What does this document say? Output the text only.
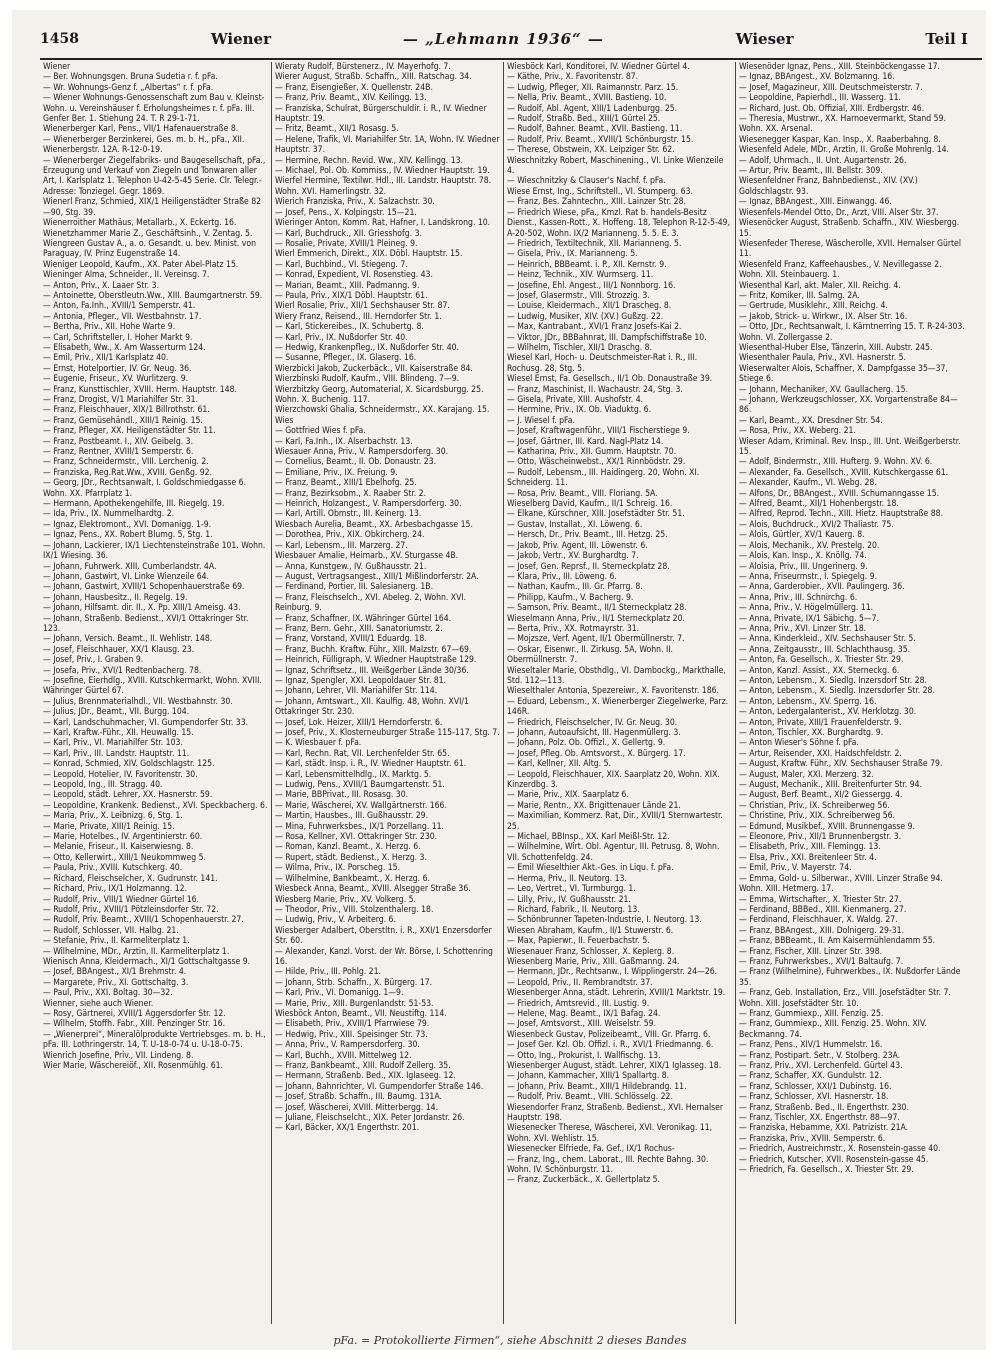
1458	Wiener	— „Lehmann 1936“ —	Wieser	Teil I
Wiener
— Ber. Wohnungsgen. Bruna Sudetia r. f. pFa.
— Wr. Wohnungs-Genz f. „Albertas“ r. f. pFa.
— Wiener Wohnungs-Genossenschaft zum Bau v. Kleinst-Wohn. u. Vereinshäuser f. Erholungsheimes r. f. pFa. III. Genfer Ber. 1. Stiehung 24. T. R 29-1-71.
Wienerberger Karl, Pens., VII/1 Hafenauerstraße 8.
— Wienerberger Berzinkerei, Ges. m. b. H., pFa., XII. Wienerbergstr. 12A. R-12-0-19.
— Wienerberger Ziegelfabriks- und Baugesellschaft, pFa., Erzeugung und Verkauf von Ziegeln und Tonwaren aller Art, I. Karlsplatz 1. Telephon U-42-5-45 Serie. Clr. Telegr.-Adresse: Tonziegel. Gegr. 1869.
Wienerl Franz, Schmied, XIX/1 Heiligenstädter Straße 82—90, Stg. 39.
Wienerroither Mathäus, Metallarb., X. Eckertg. 16.
Wienetzhammer Marie Z., Geschäftsinh., V. Zentag. 5.
Wiengreen Gustav A., a. o. Gesandt. u. bev. Minist. von Paraguay, IV. Prinz Eugenstraße 14.
Wieniger Leopold, Kaufm., XX. Pater Abel-Platz 15.
Wieninger Alma, Schneider., II. Vereinsg. 7.
— Anton, Priv., X. Laaer Str. 3.
— Antoinette, Oberstleutn.Ww., XIII. Baumgartnerstr. 59.
— Anton, Fa.Inh., XVIII/1 Semperstr. 41.
— Antonia, Pfleger., VII. Westbahnstr. 17.
— Bertha, Priv., XII. Hohe Warte 9.
— Carl, Schriftsteller, I. Hoher Markt 9.
— Elisabeth, Ww., X. Am Wasserturm 124.
— Emil, Priv., XII/1 Karlsplatz 40.
— Ernst, Hotelportier, IV. Gr. Neug. 36.
— Eugenie, Friseur., XV. Wurlitzerg. 9.
— Franz, Kunsttischler, XVIII. Herm. Hauptstr. 148.
— Franz, Drogist, V/1 Mariahilfer Str. 31.
— Franz, Fleischhauer, XIX/1 Billrothstr. 61.
— Franz, Gemüsehändl., XIII/1 Reinig. 15.
— Franz, Pfleger, XX. Heiligenstädter Str. 11.
— Franz, Postbeamt. I., XIV. Geibelg. 3.
— Franz, Rentner, XVIII/1 Semperstr. 6.
— Franz, Schneidermstr., VIII. Lerchenig. 2.
— Franziska, Reg.Rat.Ww., XVIII. Genßg. 92.
— Georg, JDr., Rechtsanwalt, I. Goldschmiedgasse 6. Wohn. XX. Pfarrplatz 1.
— Hermann, Apothekengehilfe, III. Riegelg. 19.
— Ida, Priv., IX. Nummelhardtg. 2.
— Ignaz, Elektromont., XVI. Domanigg. 1-9.
— Ignaz, Pens., XX. Robert Blumg. 5, Stg. 1.
— Johann, Lackierer, IX/1 Liechtensteinstraße 101. Wohn. IX/1 Wiesing. 36.
— Johann, Fuhrwerk. XIII. Cumberlandstr. 4A.
— Johann, Gastwirt, VI. Linke Wienzeile 64.
— Johann, Gastwirt, XVIII/1 Schopenhauerstraße 69.
— Johann, Hausbesitz., II. Regelg. 19.
— Johann, Hilfsamt. dir. II., X. Pp. XIII/1 Ameisg. 43.
— Johann, Straßenb. Bedienst., XVI/1 Ottakringer Str. 123.
— Johann, Versich. Beamt., II. Wehlistr. 148.
— Josef, Fleischhauer, XX/1 Klausg. 23.
— Josef, Priv., I. Graben 9.
— Josefa, Priv., XVI/1 Redtenbacherg. 78.
— Josefine, Eierhdlg., XVIII. Kutschkermarkt, Wohn. XVIII. Währinger Gürtel 67.
— Julius, Brennmaterialhdl., VII. Westbahnstr. 30.
— Julius, JDr., Beamt., VII. Burgg. 104.
— Karl, Landschuhmacher, VI. Gumpendorfer Str. 33.
— Karl, Kraftw.-Führ., XII. Heuwallg. 15.
— Karl, Priv., VI. Mariahilfer Str. 103.
— Karl, Priv., III. Landstr. Hauptstr. 11.
— Konrad, Schmied, XIV. Goldschlagstr. 125.
— Leopold, Hotelier, IV. Favoritenstr. 30.
— Leopold, Ing., III. Stragg. 40.
— Leopold, städt. Lehrer, XX. Hasnerstr. 59.
— Leopoldine, Krankenk. Bedienst., XVI. Speckbacherg. 6.
— Maria, Priv., X. Leibnizg. 6, Stg. 1.
— Marie, Private, XIII/1 Reinig. 15.
— Marie, Hotelbes., IV. Argentinierstr. 60.
— Melanie, Friseur., II. Kaiserwiesng. 8.
— Otto, Kellerwirt., XIII/1 Neukommweg 5.
— Paula, Priv., XVIII. Kutschkerg. 40.
— Richard, Fleischselcher, X. Gudrunstr. 141.
— Richard, Priv., IX/1 Holzmanng. 12.
— Rudolf, Priv., VIII/1 Wiedner Gürtel 16.
— Rudolf, Priv., XVIII/1 Pötzleinsdorfer Str. 72.
— Rudolf, Priv. Beamt., XVIII/1 Schopenhauerstr. 27.
— Rudolf, Schlosser, VII. Halbg. 21.
— Stefanie, Priv., II. Karmeliterplatz 1.
— Wilhelmine, MDr., Arztin, II. Karmeliterplatz 1.
Wienisch Anna, Kleidermach., XI/1 Gottschaltgasse 9.
— Josef, BBAngest., XI/1 Brehmstr. 4.
— Margarete, Priv., XI. Gottschaltg. 3.
— Paul, Priv., XXI. Boltag. 30—32.
Wienner, siehe auch Wiener.
— Rosy, Gärtnerei, XVIII/1 Aggersdorfer Str. 12.
— Wilhelm, Stoffh. Fabr., XIII. Penzinger Str. 16.
— „Wienerprei“, Mineralölprodukte Vertriebsges. m. b. H., pFa. III. Lothringerstr. 14, T. U-18-0-74 u. U-18-0-75.
Wienrich Josefine, Priv., VII. Lindeng. 8.
Wier Marie, Wäschereiöf., XII. Rosenmühlg. 61.
Wieraty Rudolf, Bürstenerz., IV. Mayerhofg. 7.
Wierer August, Straßb. Schaffn., XIII. Ratschag. 34.
— Franz, Eisengießer, X. Quellenstr. 24B.
— Franz, Priv. Beamt., XIV. Keilingg. 13.
— Franziska, Schulrat, Bürgerschuldir. i. R., IV. Wiedner Hauptstr. 19.
— Fritz, Beamt., XII/1 Rosasg. 5.
— Helene, Trafik, VI. Mariahilfer Str. 1A, Wohn. IV. Wiedner Hauptstr. 37.
— Hermine, Rechn. Revid. Ww., XIV. Kellingg. 13.
— Michael, Pol. Ob. Kommiss., IV. Wiedner Hauptstr. 19.
Wierfel Hermine, Textilwr. Hdl., III. Landstr. Hauptstr. 78. Wohn. XVI. Hamerlingstr. 32.
Wierich Franziska, Priv., X. Salzachstr. 30.
— Josef, Pens., X. Kolpingstr. 15—21.
Wieringer Anton, Komm. Rat, Hafner, I. Landskrong. 10.
— Karl, Buchdruck., XII. Griesshofg. 3.
— Rosalie, Private, XVIII/1 Pleineg. 9.
Wierl Emmerich, Direkt., XIX. Döbl. Hauptstr. 15.
— Karl, Buchbind., VI. Stiegeng. 7.
— Konrad, Expedient, VI. Rosenstieg. 43.
— Marian, Beamt., XIII. Padmanng. 9.
— Paula, Priv., XIX/1 Döbl. Hauptstr. 61.
Wierl Rosalie, Priv., XII/1 Sechshauser Str. 87.
Wiery Franz, Reisend., III. Herndorfer Str. 1.
— Karl, Stickereibes., IX. Schubertg. 8.
— Karl, Priv., IX. Nußdorfer Str. 40.
— Hedwig, Krankenpfleg., IX. Nußdorfer Str. 40.
— Susanne, Pfleger., IX. Glaserg. 16.
Wierzbicki Jakob, Zuckerbäck., VII. Kaiserstraße 84.
Wierzbinski Rudolf, Kaufm., VIII. Blindeng. 7—9.
Wierzbitzky Georg, Automaterial, X. Sicardsburgg. 25. Wohn. X. Buchenig. 117.
Wierzchowski Ghalia, Schneidermstr., XX. Karajang. 15.
Wies
— Gottfried Wies f. pFa.
— Karl, Fa.Inh., IX. Alserbachstr. 13.
Wiesauer Anna, Priv., V. Rampersdorferg. 30.
— Cornelius, Beamt., II. Ob. Donaustr. 23.
— Emiliane, Priv., IX. Freiung. 9.
— Franz, Beamt., XIII/1 Ebelhofg. 25.
— Franz, Bezirksobm., X. Raaber Str. 2.
— Heinrich, Holzangest., V. Rampersdorferg. 30.
— Karl, Artill. Obmstr., III. Keinerg. 13.
Wiesbach Aurelia, Beamt., XX. Arbesbachgasse 15.
— Dorothea, Priv., XIX. Obkircherg. 24.
— Karl, Lebensm., III. Marzerg. 27.
Wiesbauer Amalie, Heimarb., XV. Sturgasse 4B.
— Anna, Kunstgew., IV. Gußhausstr. 21.
— August, Vertragsangest., XIII/1 Mißlindorferstr. 2A.
— Ferdinand, Portier, III. Salesianerg. 1B.
— Franz, Fleischselch., XVI. Abeleg. 2, Wohn. XVI. Reinburg. 9.
— Franz, Schaffner, IX. Währinger Gürtel 164.
— Franz, Bern. Gehr., XIII. Sanatoriumstr. 2.
— Franz, Vorstand, XVIII/1 Eduardg. 18.
— Franz, Buchh. Kraftw. Führ., XIII. Malzstr. 67—69.
— Heinrich, Fülligraph, V. Wiedner Hauptstraße 129.
— Ignaz, Schriftsetz., III. Weißgerber Lände 30/36.
— Ignaz, Spengler, XXI. Leopoldauer Str. 81.
— Johann, Lehrer, VII. Mariahilfer Str. 114.
— Johann, Amtswart., XII. Kaulfig. 48, Wohn. XVI/1 Ottakringer Str. 230.
— Josef, Lok. Heizer, XIII/1 Herndorferstr. 6.
— Josef, Priv., X. Klosterneuburger Straße 115-117, Stg. 7.
— K. Wiesbauer f. pFa.
— Karl, Rechn. Rat, VII. Lerchenfelder Str. 65.
— Karl, städt. Insp. i. R., IV. Wiedner Hauptstr. 61.
— Karl, Lebensmittelhdlg., IX. Marktg. 5.
— Ludwig, Pens., XVIII/1 Baumgartenstr. 51.
— Marie, BBPrivat., III. Rosasg. 30.
— Marie, Wäscherei, XV. Wallgärtnerstr. 166.
— Martin, Hausbes., III. Gußhausstr. 29.
— Mina, Fuhrwerksbes., IX/1 Porzellang. 11.
— Rosa, Kellner, XVI. Ottakringer Str. 230.
— Roman, Kanzl. Beamt., X. Herzg. 6.
— Rupert, städt. Bedienst., X. Herzg. 3.
— Wilma, Priv., IX. Porscheg. 15.
— Wilhelmine, Bankbeamt., X. Herzg. 6.
Wiesbeck Anna, Beamt., XVIII. Alsegger Straße 36.
Wiesberg Marie, Priv., XV. Volkerg. 5.
— Theodor, Priv., VIII. Stolzenthalerg. 18.
— Ludwig, Priv., V. Arbeiterg. 6.
Wiesberger Adalbert, Oberstltn. i. R., XXI/1 Enzersdorfer Str. 60.
— Alexander, Kanzl. Vorst. der Wr. Börse, I. Schottenring 16.
— Hilde, Priv., III. Pohlg. 21.
— Johann, Strb. Schaffn., X. Bürgerg. 17.
— Karl, Priv., VI. Domanigg. 1—9.
— Marie, Priv., XIII. Burgenlandstr. 51-53.
Wiesböck Anton, Beamt., VII. Neustiftg. 114.
— Elisabeth, Priv., XVIII/1 Pfarrwiese 79.
— Hedwig, Priv., XIII. Speisinger Str. 73.
— Anna, Priv., V. Rampersdorferg. 30.
— Karl, Buchh., XVIII. Mittelweg 12.
— Franz, Bankbeamt., XIII. Rudolf Zellerg. 35.
— Hermann, Straßenb. Bed., XIX. Iglaseeg. 12.
— Johann, Bahnrichter, VI. Gumpendorfer Straße 146.
— Josef, Straßb. Schaffn., III. Baumg. 131A.
— Josef, Wäscherei, XVIII. Mitterbergg. 14.
— Juliane, Fleischselcht., XIX. Peter Jordanstr. 26.
— Karl, Bäcker, XX/1 Engerthstr. 201.
Wiesböck Karl, Konditorei, IV. Wiedner Gürtel 4.
— Käthe, Priv., X. Favoritenstr. 87.
— Ludwig, Pfleger, XII. Raimannstr. Parz. 15.
— Nella, Priv. Beamt., XVIII. Bastieng. 10.
— Rudolf, Abl. Agent, XIII/1 Ladenburgg. 25.
— Rudolf, Straßb. Bed., XIII/1 Gürtel 25.
— Rudolf, Bahner. Beamt., XVII. Bastieng. 11.
— Rudolf, Priv. Beamt., XVIII/1 Schönburgstr. 15.
— Therese, Obstwein, XX. Leipziger Str. 62.
Wieschnitzky Robert, Maschinening., VI. Linke Wienzeile 4.
— Wieschnitzky & Clauser's Nachf. f. pFa.
Wiese Ernst, Ing., Schriftstell., VI. Stumperg. 63.
— Franz, Bes. Zahntechn., XIII. Lainzer Str. 28.
— Friedrich Wiese, pFa., Kmzl. Rat b. handels-Besitz Dienst., Kassen-Rott., X. Hoffeng. 18, Telephon R-12-5-49, A-20-502, Wohn. IX/2 Marianneng. 5. 5. E. 3.
— Friedrich, Textiltechnik, XII. Marianneng. 5.
— Gisela, Priv., IX. Marianneng. 5.
— Heinrich, BBBeamt. i. P., XII. Kernstr. 9.
— Heinz, Technik., XIV. Wurmserg. 11.
— Josefine, Ehl. Angest., III/1 Nonnborg. 16.
— Josef, Glasermstr., VIII. Strozzig. 3.
— Louise, Kleidermach., XII/1 Drascheg. 8.
— Ludwig, Musiker, XIV. (XV.) Gußzg. 22.
— Max, Kantrabant., XVI/1 Franz Josefs-Kai 2.
— Viktor, JDr., BBBahnrat, III. Dampfschiffstraße 10.
— Wilhelm, Tischler, XII/1 Draschg. 8.
Wiesel Karl, Hoch- u. Deutschmeister-Rat i. R., III. Rochusg. 28, Stg. 5.
Wiesel Ernst, Fa. Gesellsch., II/1 Ob. Donaustraße 39.
— Franz, Maschinist, II. Wachaustr. 24, Stg. 3.
— Gisela, Private, XIII. Aushofstr. 4.
— Hermine, Priv., IX. Ob. Viaduktg. 6.
— J. Wiesel f. pFa.
— Josef, Kraftwagenführ., VIII/1 Fischerstiege 9.
— Josef, Gärtner, III. Kard. Nagl-Platz 14.
— Katharina, Priv., XII. Gumm. Hauptstr. 70.
— Otto, Wäscheinwebst., XX/1 Rinnbödstr. 29.
— Rudolf, Lebensm., III. Haidingerg. 20, Wohn. XI. Schneiderg. 11.
— Rosa, Priv. Beamt., VIII. Floriang. 5A.
Wieselberg David, Kaufm., II/1 Schreig. 16.
— Elkane, Kürschner, XIII. Josefstädter Str. 51.
— Gustav, Installat., XI. Löweng. 6.
— Hersch, Dr., Priv. Beamt., III. Hetzg. 25.
— Jakob, Priv. Agent, III. Löwenstr. 6.
— Jakob, Vertr., XV. Burghardtg. 7.
— Josef, Gen. Reprsf., II. Sterneckplatz 28.
— Klara, Priv., III. Löweng. 6.
— Nathan, Kaufm., III. Gr. Pfarrg. 8.
— Philipp, Kaufm., V. Bacherg. 9.
— Samson, Priv. Beamt., II/1 Sterneckplatz 28.
Wieselmann Anna, Priv., II/1 Sterneckplatz 20.
— Berta, Priv., XX. Rotmayrstr. 31.
— Mojzsze, Verf. Agent, II/1 Obermüllnerstr. 7.
— Oskar, Eisenwr., II. Zirkusg. 5A, Wohn. II. Obermüllnerstr. 7.
Wieseltaler Marie, Obsthdlg., VI. Dambockg., Markthalle, Std. 112—113.
Wieselthaler Antonia, Spezereiwr., X. Favoritenstr. 186.
— Eduard, Lebensm., X. Wienerberger Ziegelwerke, Parz. 146R.
— Friedrich, Fleischselcher, IV. Gr. Neug. 30.
— Johann, Autoaufsicht, III. Hagenmüllerg. 3.
— Johann, Polz. Ob. Offizl., X. Gellertg. 9.
— Josef, Pfleg. Ob. Amtsvorst., X. Bürgerg. 17.
— Karl, Kellner, XII. Altg. 5.
— Leopold, Fleischhauer, XIX. Saarplatz 20, Wohn. XIX. Kinzerdbg. 3.
— Marie, Priv., XIX. Saarplatz 6.
— Marie, Rentn., XX. Brigittenauer Lände 21.
— Maximilian, Kommerz. Rat, Dir., XVIII/1 Sternwartestr. 25.
— Michael, BBInsp., XX. Karl Meißl-Str. 12.
— Wilhelmine, Wirt. Obl. Agentur, III. Petrusg. 8, Wohn. VII. Schottenfeldg. 24.
— Emil Wieselthier Akt.-Ges. in Liqu. f. pFa.
— Herma, Priv., II. Neutorg. 13.
— Leo, Vertret., VI. Turmburgg. 1.
— Lilly, Priv., IV. Gußhausstr. 21.
— Richard, Fabrik., II. Neutorg. 13.
— Schönbrunner Tapeten-Industrie, I. Neutorg. 13.
Wiesen Abraham, Kaufm., II/1 Stuwerstr. 6.
— Max, Papierwr., II. Feuerbachstr. 5.
Wiesenauer Franz, Schlosser, X. Keplerg. 8.
Wiesenberg Marie, Priv., XIII. Gaßmanng. 24.
— Hermann, JDr., Rechtsanw., I. Wipplingerstr. 24—26.
— Leopold, Priv., II. Rembrandtstr. 37.
Wiesenberger Anna, städt. Lehrerin, XVIII/1 Marktstr. 19.
— Friedrich, Amtsrevid., III. Lustig. 9.
— Helene, Mag. Beamt., IX/1 Bafag. 24.
— Josef, Amtsvorst., XIII. Weiselstr. 59.
Wiesenbeck Gustav, Polizeibeamt., VIII. Gr. Pfarrg. 6.
— Josef Ger. Kzl. Ob. Offizl. i. R., XVI/1 Friedmanng. 6.
— Otto, Ing., Prokurist, I. Wallfischg. 13.
Wiesenberger August, städt. Lehrer, XIX/1 Iglasseg. 18.
— Johann, Kammacher, XIII/1 Spallartg. 8.
— Johann, Priv. Beamt., XIII/1 Hildebrandg. 11.
— Rudolf, Priv. Beamt., VIII. Schlösselg. 22.
Wiesendorfer Franz, Straßenb. Bedienst., XVI. Hernalser Hauptstr. 198.
Wiesenecker Therese, Wäscherei, XVI. Veronikag. 11, Wohn. XVI. Wehlistr. 15.
Wiesenecker Elfriede, Fa. Gef., IX/1 Rochus-
— Franz, Ing., chem. Laborat., III. Rechte Bahng. 30. Wohn. IV. Schönburgstr. 11.
— Franz, Zuckerbäck., X. Gellertplatz 5.
Wiesenöder Ignaz, Pens., XIII. Steinböckengasse 17.
— Ignaz, BBAngest., XV. Bolzmanng. 16.
— Josef, Magazineur, XIII. Deutschmeisterstr. 7.
— Leopoldine, Papierhdl., III. Wasserg. 11.
— Richard, Just. Ob. Offizial, XIII. Erdbergstr. 46.
— Theresia, Mustrwr., XX. Harnoevermarkt, Stand 59. Wohn. XX. Arsenal.
Wiesenegger Kaspar, Kan. Insp., X. Raaberbahng. 8.
Wiesenfeld Adele, MDr., Arztin, II. Große Mohrenlg. 14.
— Adolf, Uhrmach., II. Unt. Augartenstr. 26.
— Artur, Priv. Beamt., III. Bellstr. 309.
Wiesenfeldner Franz, Bahnbedienst., XIV. (XV.) Goldschlagstr. 93.
— Ignaz, BBAngest., XIII. Einwangg. 46.
Wiesenfels-Mendel Otto, Dr., Arzt, VIII. Alser Str. 37.
Wiesenöcker August, Straßenb. Schaffn., XIV. Wiesbergg. 15.
Wiesenfeder Therese, Wäscherolle, XVII. Hernalser Gürtel 11.
Wiesenfeld Franz, Kaffeehausbes., V. Nevillegasse 2. Wohn. XII. Steinbauerg. 1.
Wiesenthal Karl, akt. Maler, XII. Reichg. 4.
— Fritz, Komiker, III. Salmg. 2A.
— Gertrude, Musiklehr., XIII. Reichg. 4.
— Jakob, Strick- u. Wirkwr., IX. Alser Str. 16.
— Otto, JDr., Rechtsanwalt, I. Kärntnerring 15. T. R-24-303. Wohn. VI. Zollergasse 2.
Wiesenthal-Huber Else, Tänzerin, XIII. Aubstr. 245.
Wiesenthaler Paula, Priv., XVI. Hasnerstr. 5.
Wieserwalter Alois, Schaffner, X. Dampfgasse 35—37, Stiege 6.
— Johann, Mechaniker, XV. Gaullacherg. 15.
— Johann, Werkzeugschlosser, XX. Vorgartenstraße 84—86.
— Karl, Beamt., XX. Dresdner Str. 54.
— Rosa, Priv., XX. Weberg. 21.
Wieser Adam, Kriminal. Rev. Insp., III. Unt. Weißgerberstr. 15.
— Adolf, Bindermstr., XIII. Hufterg. 9. Wohn. XV. 6.
— Alexander, Fa. Gesellsch., XVIII. Kutschkergasse 61.
— Alexander, Kaufm., VI. Webg. 28.
— Alfons, Dr., BBAngest., XVIII. Schumanngasse 15.
— Alfred, Beamt., XII/1 Hohenbergstr. 18.
— Alfred, Reprod. Techn., XIII. Hietz. Hauptstraße 88.
— Alois, Buchdruck., XVI/2 Thaliastr. 75.
— Alois, Gürtler, XV/1 Kauerg. 8.
— Alois, Mechanik., XV. Prestelg. 20.
— Alois, Kan. Insp., X. Knöllg. 74.
— Aloisia, Priv., III. Ungerinerg. 9.
— Anna, Friseurmstr., I. Spiegelg. 9.
— Anna, Garderobier., XVII. Paulingerg. 36.
— Anna, Priv., III. Schnirchg. 6.
— Anna, Priv., V. Högelmüllerg. 11.
— Anna, Private, IX/1 Säbichg. 5—7.
— Anna, Priv., XVI. Linzer Str. 18.
— Anna, Kinderkleid., XIV. Sechshauser Str. 5.
— Anna, Zeitgausstr., III. Schlachthausg. 35.
— Anton, Fa. Gesellsch., X. Triester Str. 29.
— Anton, Kanzl. Assist., XX. Sterneckg. 6.
— Anton, Lebensm., X. Siedlg. Inzersdorf Str. 28.
— Anton, Lebensm., X. Siedlg. Inzersdorfer Str. 28.
— Anton, Lebensm., XV. Sperrg. 16.
— Anton, Ledergalanterist., XV. Herklotzg. 30.
— Anton, Private, XIII/1 Frauenfelderstr. 9.
— Anton, Tischler, XX. Burghardtg. 9.
— Anton Wieser's Söhne f. pFa.
— Artur, Reisender, XXI. Haidschfeldstr. 2.
— August, Kraftw. Führ., XIV. Sechshauser Straße 79.
— August, Maler, XXI. Merzerg. 32.
— August, Mechanik., XIII. Breitenfurter Str. 94.
— August, Berf. Beamt., XI/2 Giessergg. 4.
— Christian, Priv., IX. Schreiberweg 56.
— Christine, Priv., XIX. Schreiberweg 56.
— Edmund, Musikbef., XVIII. Brunnengasse 9.
— Eleonore, Priv., XII/1 Brunnenbergstr. 3.
— Elisabeth, Priv., XIII. Flemingg. 13.
— Elsa, Priv., XXI. Breitenleer Str. 4.
— Emil, Priv., V. Mayerstr. 74.
— Emma, Gold- u. Silberwar., XVIII. Linzer Straße 94. Wohn. XIII. Hetmerg. 17.
— Emma, Wirtschafter., X. Triester Str. 27.
— Ferdinand, BBBed., XIII. Kienmanerg. 27.
— Ferdinand, Fleischhauer, X. Waldg. 27.
— Franz, BBAngest., XIII. Dolnigerg. 29-31.
— Franz, BBBeamt., II. Am Kaisermühlendamm 55.
— Franz, Fischer, XIII. Linzer Str. 398.
— Franz, Fuhrwerksbes., XVI/1 Baltaufg. 7.
— Franz (Wilhelmine), Fuhrwerkbes., IX. Nußdorfer Lände 35.
— Franz, Geb. Installation, Erz., VIII. Josefstädter Str. 7. Wohn. XIII. Josefstädter Str. 10.
— Franz, Gummiexp., XIII. Fenzig. 25.
— Franz, Gummiexp., XIII. Fenzig. 25. Wohn. XIV. Beckmanng. 74.
— Franz, Pens., XIV/1 Hummelstr. 16.
— Franz, Postipart. Setr., V. Stolberg. 23A.
— Franz, Priv., XVI. Lerchenfeld. Gürtel 43.
— Franz, Schaffer, XX. Gundulstr. 12.
— Franz, Schlosser, XXI/1 Dubinstg. 16.
— Franz, Schlosser, XVI. Hasnerstr. 18.
— Franz, Straßenb. Bed., II. Engerthstr. 230.
— Franz, Tischler, XX. Engerthstr. 88—97.
— Franziska, Hebamme, XXI. Patrizistr. 21A.
— Franziska, Priv., XVIII. Semperstr. 6.
— Friedrich, Austreichmstr., X. Rosenstein-gasse 40.
— Friedrich, Kutscher, XVII. Rosenstein-gasse 45.
— Friedrich, Fa. Gesellsch., X. Triester Str. 29.
pFa. = Protokollierte Firmen“, siehe Abschnitt 2 dieses Bandes
